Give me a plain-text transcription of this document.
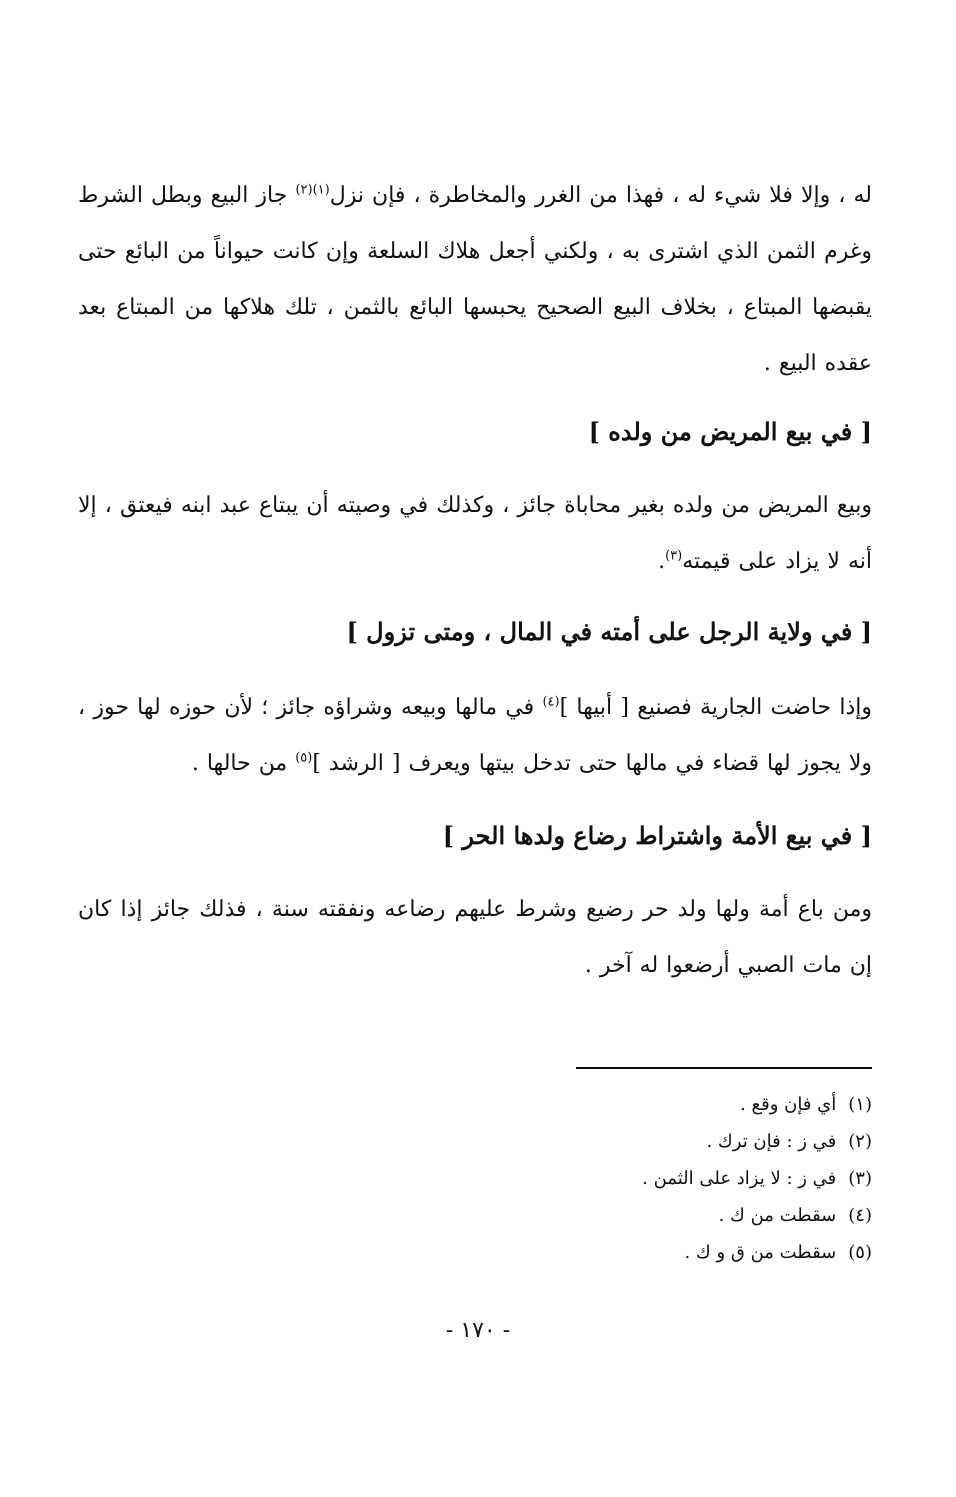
له ، وإلا فلا شيء له ، فهذا من الغرر والمخاطرة ، فإن نزل$^{(١)(٢)}$ جاز البيع وبطل الشرط وغرم الثمن الذي اشترى به ، ولكني أجعل هلاك السلعة وإن كانت حيواناً من البائع حتى يقبضها المبتاع ، بخلاف البيع الصحيح يحبسها البائع بالثمن ، تلك هلاكها من المبتاع بعد عقده البيع .

[ في بيع المريض من ولده ]

وبيع المريض من ولده بغير محاباة جائز ، وكذلك في وصيته أن يبتاع عبد ابنه فيعتق ، إلا أنه لا يزاد على قيمته$^{(٣)}$.

[ في ولاية الرجل على أمته في المال ، ومتى تزول ]

وإذا حاضت الجارية فصنيع [ أبيها ]$^{(٤)}$ في مالها وبيعه وشراؤه جائز ؛ لأن حوزه لها حوز ، ولا يجوز لها قضاء في مالها حتى تدخل بيتها ويعرف [ الرشد ]$^{(٥)}$ من حالها .

[ في بيع الأمة واشتراط رضاع ولدها الحر ]

ومن باع أمة ولها ولد حر رضيع وشرط عليهم رضاعه ونفقته سنة ، فذلك جائز إذا كان إن مات الصبي أرضعوا له آخر .

(١)أي فإن وقع .
(٢)في ز : فإن ترك .
(٣)في ز : لا يزاد على الثمن .
(٤)سقطت من ك .
(٥)سقطت من ق و ك .
- ١٧٠ -
